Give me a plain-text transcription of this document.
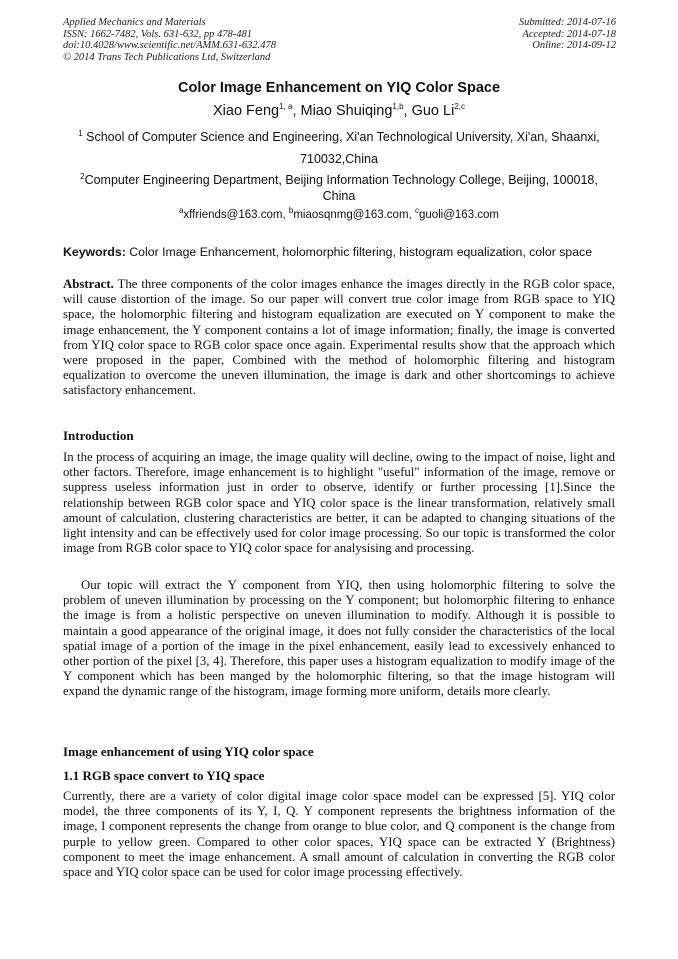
Applied Mechanics and Materials
ISSN: 1662-7482, Vols. 631-632, pp 478-481
doi:10.4028/www.scientific.net/AMM.631-632.478
© 2014 Trans Tech Publications Ltd, Switzerland
Submitted: 2014-07-16
Accepted: 2014-07-18
Online: 2014-09-12
Color Image Enhancement on YIQ Color Space
Xiao Feng$^{1, a}$, Miao Shuiqing$^{1,b}$, Guo Li$^{2,c}$
$^1$ School of Computer Science and Engineering, Xi'an Technological University, Xi'an, Shaanxi, 710032,China
$^2$Computer Engineering Department, Beijing Information Technology College, Beijing, 100018, China
$^a$xffriends@163.com, $^b$miaosqnmg@163.com, $^c$guoli@163.com
Keywords: Color Image Enhancement, holomorphic filtering, histogram equalization, color space
Abstract. The three components of the color images enhance the images directly in the RGB color space, will cause distortion of the image. So our paper will convert true color image from RGB space to YIQ space, the holomorphic filtering and histogram equalization are executed on Y component to make the image enhancement, the Y component contains a lot of image information; finally, the image is converted from YIQ color space to RGB color space once again. Experimental results show that the approach which were proposed in the paper, Combined with the method of holomorphic filtering and histogram equalization to overcome the uneven illumination, the image is dark and other shortcomings to achieve satisfactory enhancement.
Introduction
In the process of acquiring an image, the image quality will decline, owing to the impact of noise, light and other factors. Therefore, image enhancement is to highlight "useful" information of the image, remove or suppress useless information just in order to observe, identify or further processing [1].Since the relationship between RGB color space and YIQ color space is the linear transformation, relatively small amount of calculation, clustering characteristics are better, it can be adapted to changing situations of the light intensity and can be effectively used for color image processing. So our topic is transformed the color image from RGB color space to YIQ color space for analysising and processing.
Our topic will extract the Y component from YIQ, then using holomorphic filtering to solve the problem of uneven illumination by processing on the Y component; but holomorphic filtering to enhance the image is from a holistic perspective on uneven illumination to modify. Although it is possible to maintain a good appearance of the original image, it does not fully consider the characteristics of the local spatial image of a portion of the image in the pixel enhancement, easily lead to excessively enhanced to other portion of the pixel [3, 4]. Therefore, this paper uses a histogram equalization to modify image of the Y component which has been manged by the holomorphic filtering, so that the image histogram will expand the dynamic range of the histogram, image forming more uniform, details more clearly.
Image enhancement of using YIQ color space
1.1 RGB space convert to YIQ space
Currently, there are a variety of color digital image color space model can be expressed [5]. YIQ color model, the three components of its Y, I, Q. Y component represents the brightness information of the image, I component represents the change from orange to blue color, and Q component is the change from purple to yellow green. Compared to other color spaces, YIQ space can be extracted Y (Brightness) component to meet the image enhancement. A small amount of calculation in converting the RGB color space and YIQ color space can be used for color image processing effectively.
